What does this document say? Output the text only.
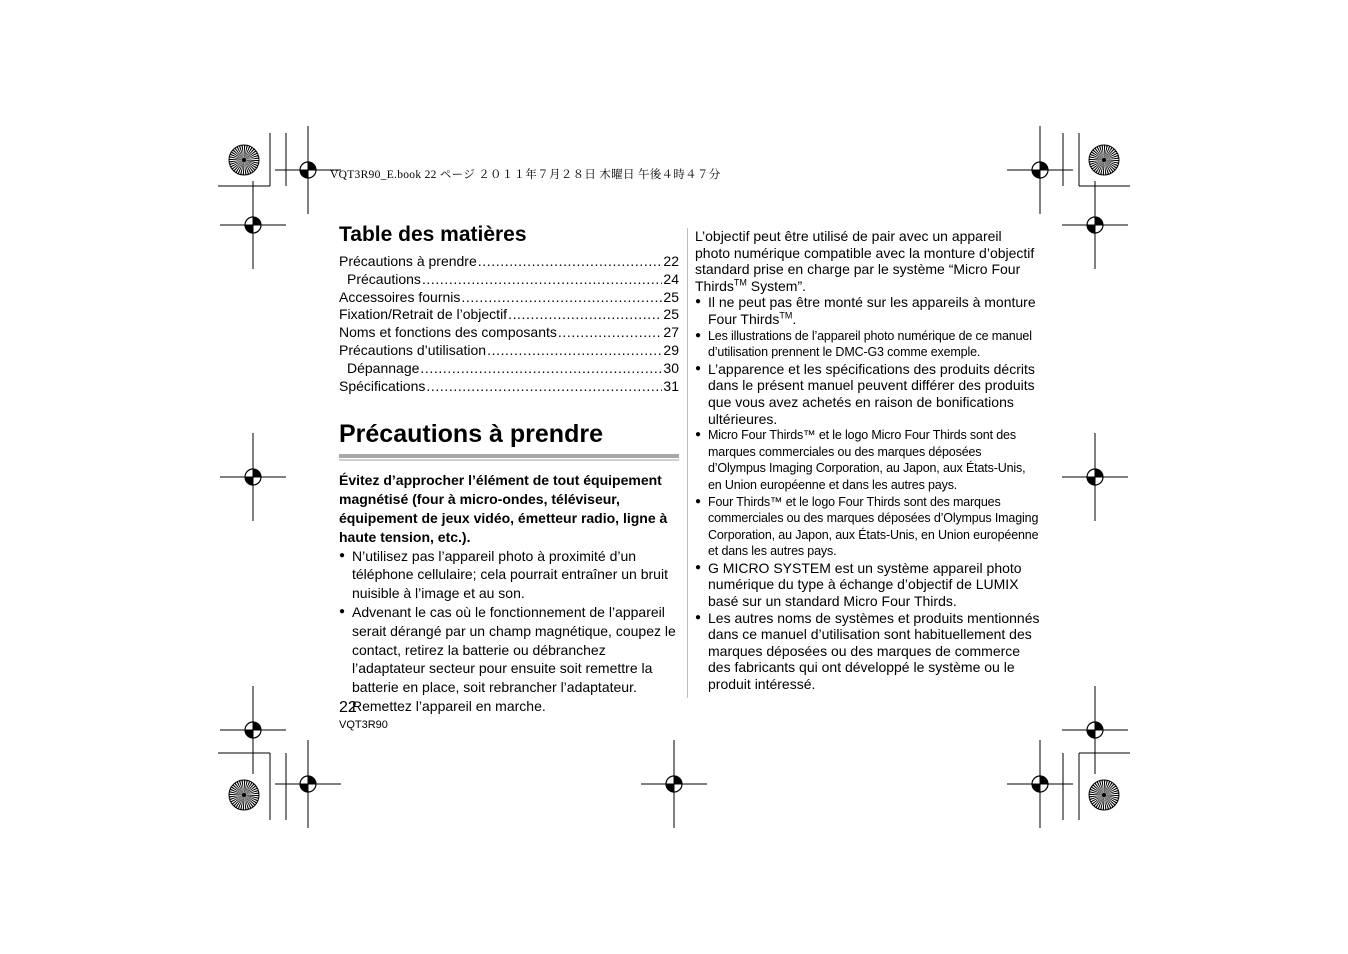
VQT3R90_E.book 22 ページ ２０１１年７月２８日 木曜日 午後４時４７分
Table des matières
Précautions à prendre .....	22
Précautions .....	24
Accessoires fournis .....	25
Fixation/Retrait de l’objectif .....	25
Noms et fonctions des composants .....	27
Précautions d’utilisation .....	29
Dépannage .....	30
Spécifications .....	31
Précautions à prendre

Évitez d’approcher l’élément de tout équipement magnétisé (four à micro-ondes, téléviseur, équipement de jeux vidéo, émetteur radio, ligne à haute tension, etc.).

● N’utilisez pas l’appareil photo à proximité d’un téléphone cellulaire; cela pourrait entraîner un bruit nuisible à l’image et au son.
● Advenant le cas où le fonctionnement de l’appareil serait dérangé par un champ magnétique, coupez le contact, retirez la batterie ou débranchez l’adaptateur secteur pour ensuite soit remettre la batterie en place, soit rebrancher l’adaptateur. Remettez l’appareil en marche.
22
VQT3R90

L’objectif peut être utilisé de pair avec un appareil photo numérique compatible avec la monture d’objectif standard prise en charge par le système “Micro Four Thirds™ System”.

● Il ne peut pas être monté sur les appareils à monture Four Thirds™.
● Les illustrations de l’appareil photo numérique de ce manuel d’utilisation prennent le DMC-G3 comme exemple.
● L’apparence et les spécifications des produits décrits dans le présent manuel peuvent différer des produits que vous avez achetés en raison de bonifications ultérieures.
● Micro Four Thirds™ et le logo Micro Four Thirds sont des marques commerciales ou des marques déposées d’Olympus Imaging Corporation, au Japon, aux États-Unis, en Union européenne et dans les autres pays.
● Four Thirds™ et le logo Four Thirds sont des marques commerciales ou des marques déposées d’Olympus Imaging Corporation, au Japon, aux États-Unis, en Union européenne et dans les autres pays.
● G MICRO SYSTEM est un système appareil photo numérique du type à échange d’objectif de LUMIX basé sur un standard Micro Four Thirds.
● Les autres noms de systèmes et produits mentionnés dans ce manuel d’utilisation sont habituellement des marques déposées ou des marques de commerce des fabricants qui ont développé le système ou le produit intéressé.
